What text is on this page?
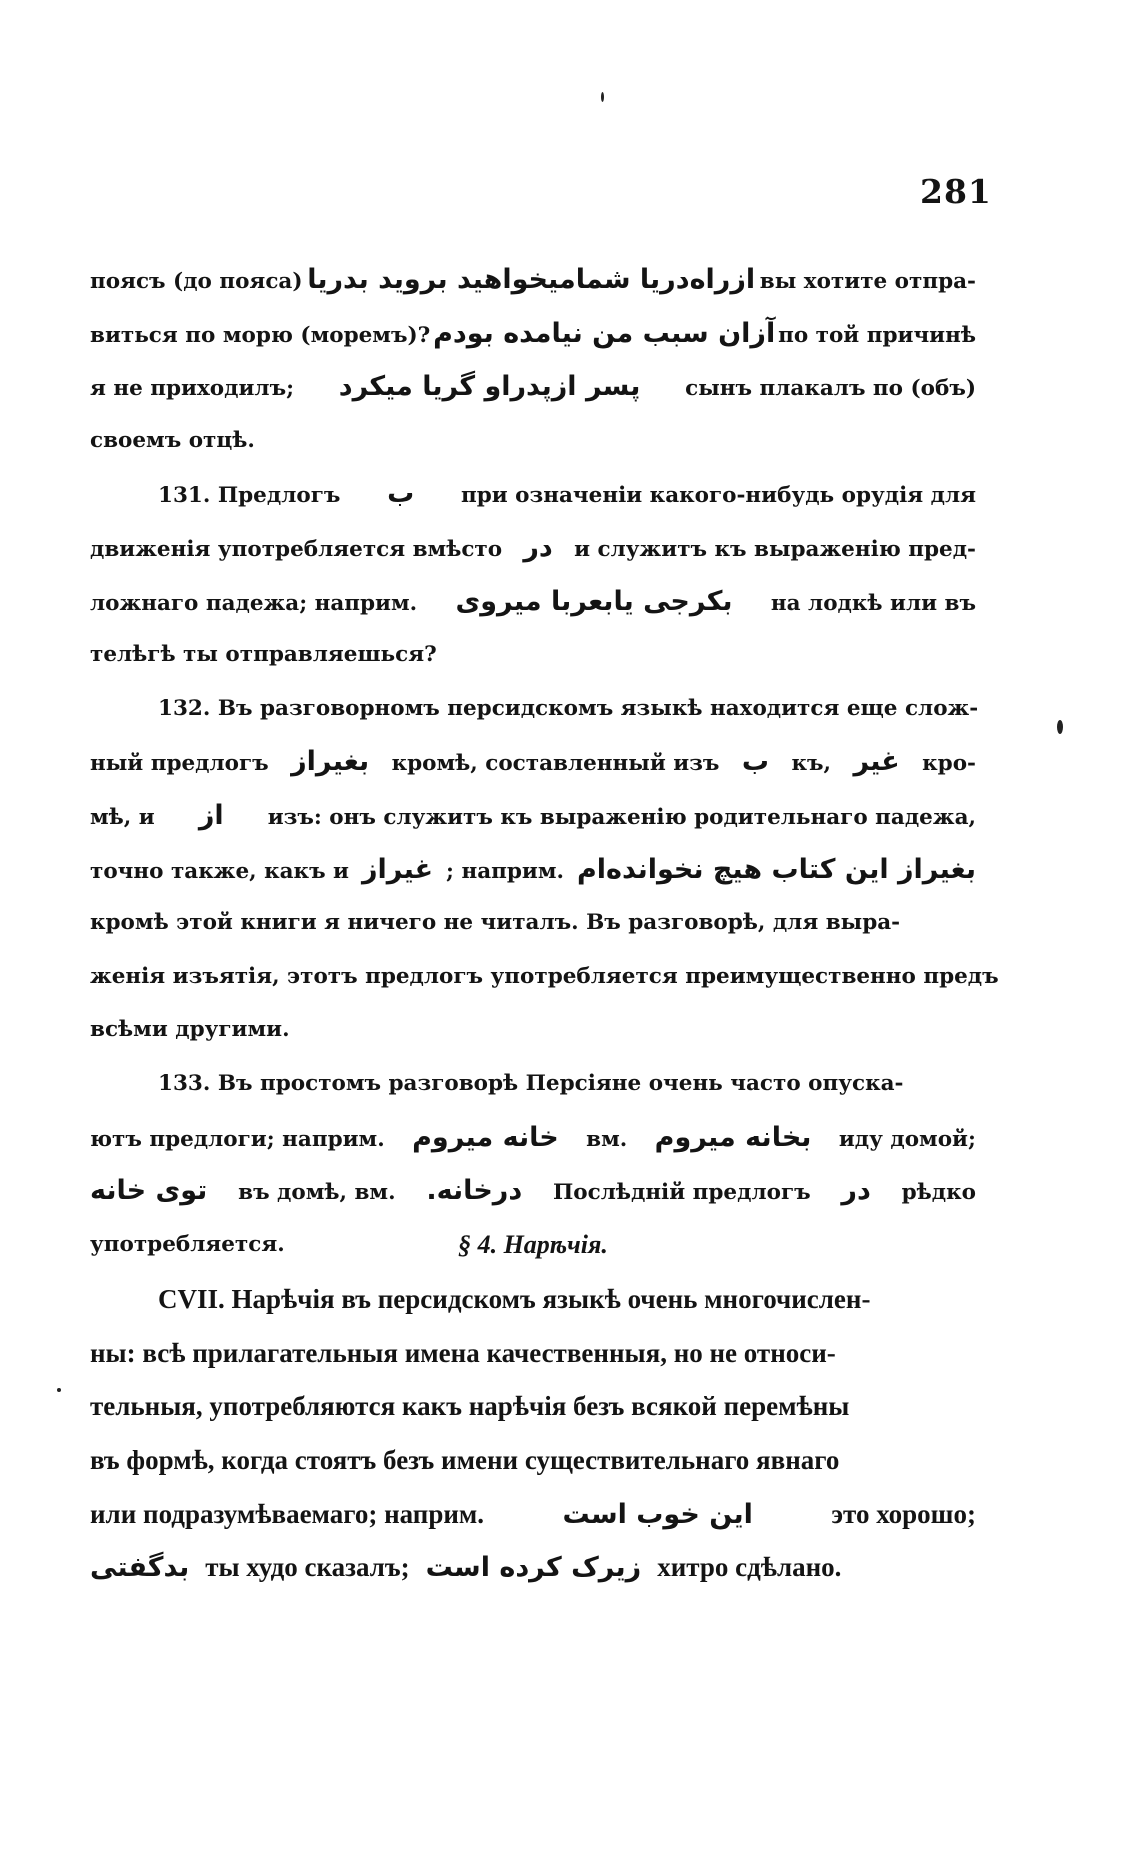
281
поясъ (до пояса) ازراه‌دریا شمامیخواهید بروید بدریا вы хотите отпра-
виться по морю (моремъ)? آزان سبب من نیامده بودم по той причинѣ
я не приходилъ; پسر ازپدراو گریا میکرد сынъ плакалъ по (объ)
своемъ отцѣ.
131. Предлогъ ب при означеніи какого-нибудь орудія для
движенія употребляется вмѣсто در и служитъ къ выраженію пред-
ложнаго падежа; наприм. بکرجی یابعربا میروی на лодкѣ или въ
телѣгѣ ты отправляешься?
132. Въ разговорномъ персидскомъ языкѣ находится еще слож-
ный предлогъ بغیراز кромѣ, составленный изъ ب къ, غیر кро-
мѣ, и از изъ: онъ служитъ къ выраженію родительнаго падежа,
точно также, какъ и غیراز ; наприм. بغیراز این کتاب هیچ نخوانده‌ام
кромѣ этой книги я ничего не читалъ. Въ разговорѣ, для выра-
женія изъятія, этотъ предлогъ употребляется преимущественно предъ
всѣми другими.
133. Въ простомъ разговорѣ Персіяне очень часто опуска-
ютъ предлоги; наприм. خانه میروم вм. بخانه میروم иду домой;
توی خانه въ домѣ, вм. درخانه. Послѣдній предлогъ در рѣдко
употребляется.	§ 4. Нарѣчія.
CVII. Нарѣчія въ персидскомъ языкѣ очень многочислен-
ны: всѣ прилагательныя имена качественныя, но не относи-
тельныя, употребляются какъ нарѣчія безъ всякой перемѣны
въ формѣ, когда стоятъ безъ имени существительнаго явнаго
или подразумѣваемаго; наприм.	این خوب است	это хорошо;
بدگفتی ты худо сказалъ; زیرک کرده است хитро сдѣлано.
